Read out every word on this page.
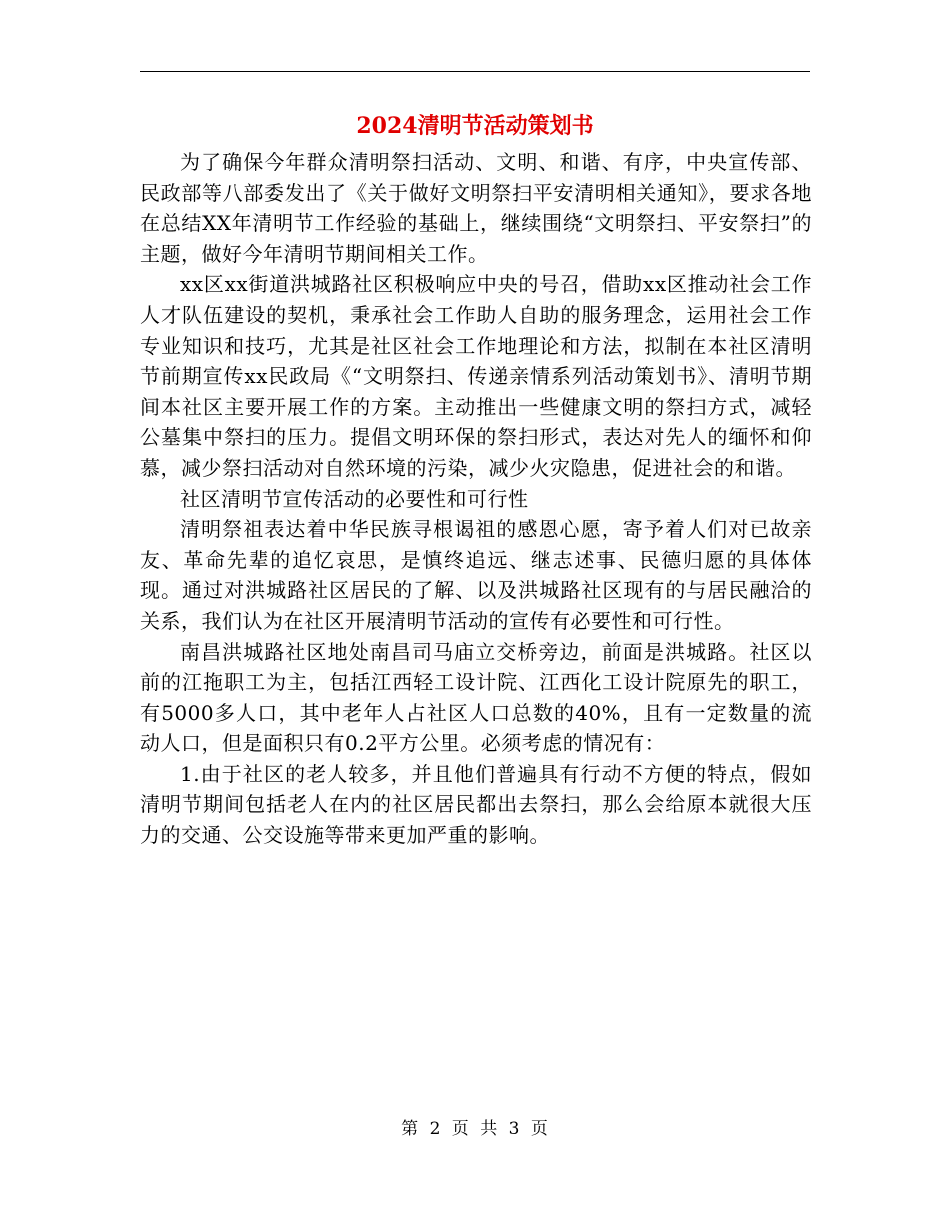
2024清明节活动策划书

为了确保今年群众清明祭扫活动、文明、和谐、有序，中央宣传部、民政部等八部委发出了《关于做好文明祭扫平安清明相关通知》，要求各地在总结XX年清明节工作经验的基础上，继续围绕“文明祭扫、平安祭扫”的主题，做好今年清明节期间相关工作。

xx区xx街道洪城路社区积极响应中央的号召，借助xx区推动社会工作人才队伍建设的契机，秉承社会工作助人自助的服务理念，运用社会工作专业知识和技巧，尤其是社区社会工作地理论和方法，拟制在本社区清明节前期宣传xx民政局《“文明祭扫、传递亲情系列活动策划书》、清明节期间本社区主要开展工作的方案。主动推出一些健康文明的祭扫方式，减轻公墓集中祭扫的压力。提倡文明环保的祭扫形式，表达对先人的缅怀和仰慕，减少祭扫活动对自然环境的污染，减少火灾隐患，促进社会的和谐。

社区清明节宣传活动的必要性和可行性

清明祭祖表达着中华民族寻根谒祖的感恩心愿，寄予着人们对已故亲友、革命先辈的追忆哀思，是慎终追远、继志述事、民德归愿的具体体现。通过对洪城路社区居民的了解、以及洪城路社区现有的与居民融洽的关系，我们认为在社区开展清明节活动的宣传有必要性和可行性。

南昌洪城路社区地处南昌司马庙立交桥旁边，前面是洪城路。社区以前的江拖职工为主，包括江西轻工设计院、江西化工设计院原先的职工，有5000多人口，其中老年人占社区人口总数的40%，且有一定数量的流动人口，但是面积只有0.2平方公里。必须考虑的情况有：

1.由于社区的老人较多，并且他们普遍具有行动不方便的特点，假如清明节期间包括老人在内的社区居民都出去祭扫，那么会给原本就很大压力的交通、公交设施等带来更加严重的影响。

第 2 页 共 3 页
